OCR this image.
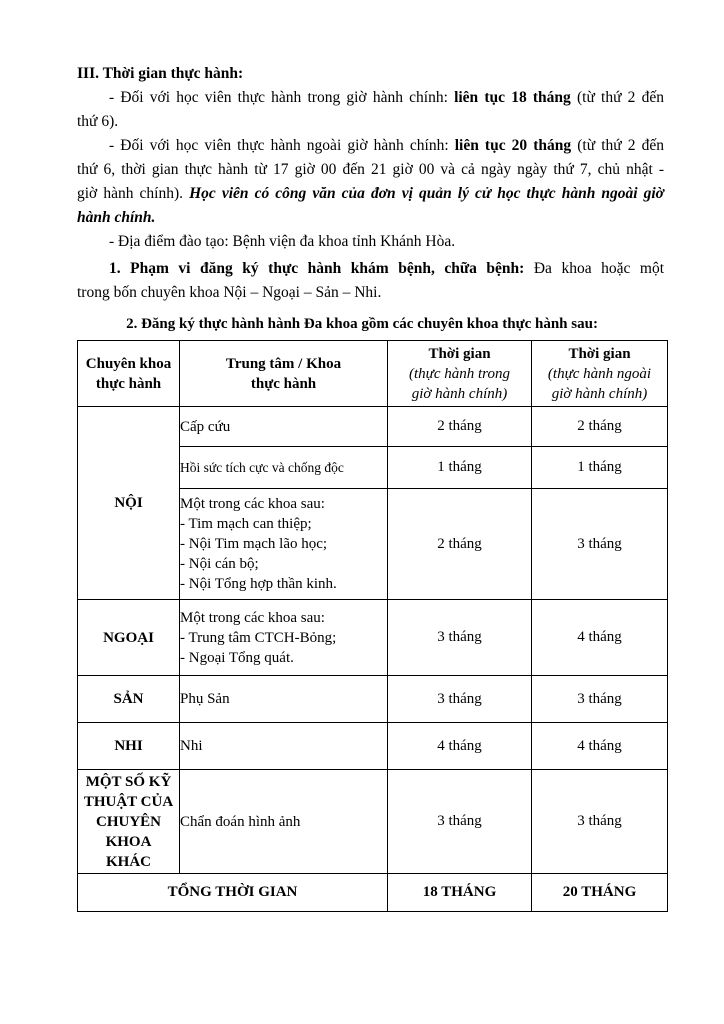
III. Thời gian thực hành:
- Đối với học viên thực hành trong giờ hành chính: liên tục 18 tháng (từ thứ 2 đến
thứ 6).
- Đối với học viên thực hành ngoài giờ hành chính: liên tục 20 tháng (từ thứ 2 đến
thứ 6, thời gian thực hành từ 17 giờ 00 đến 21 giờ 00 và cả ngày ngày thứ 7, chủ nhật -
giờ hành chính). Học viên có công văn của đơn vị quản lý cử học thực hành ngoài giờ
hành chính.
- Địa điểm đào tạo: Bệnh viện đa khoa tỉnh Khánh Hòa.
1. Phạm vi đăng ký thực hành khám bệnh, chữa bệnh: Đa khoa hoặc một
trong bốn chuyên khoa Nội – Ngoại – Sản – Nhi.
2. Đăng ký thực hành hành Đa khoa gồm các chuyên khoa thực hành sau:
Chuyên khoa
thực hành	Trung tâm / Khoa
thực hành	Thời gian
(thực hành trong
giờ hành chính)	Thời gian
(thực hành ngoài
giờ hành chính)

NỘI	Cấp cứu	2 tháng	2 tháng
	Hồi sức tích cực và chống độc	1 tháng	1 tháng
	Một trong các khoa sau:
- Tim mạch can thiệp;
- Nội Tim mạch lão học;
- Nội cán bộ;
- Nội Tổng hợp thần kinh.	2 tháng	3 tháng
NGOẠI	Một trong các khoa sau:
- Trung tâm CTCH-Bỏng;
- Ngoại Tổng quát.	3 tháng	4 tháng
SẢN	Phụ Sản	3 tháng	3 tháng
NHI	Nhi	4 tháng	4 tháng
MỘT SỐ KỸ
THUẬT CỦA
CHUYÊN
KHOA
KHÁC	Chẩn đoán hình ảnh	3 tháng	3 tháng
TỔNG THỜI GIAN		18 THÁNG	20 THÁNG
